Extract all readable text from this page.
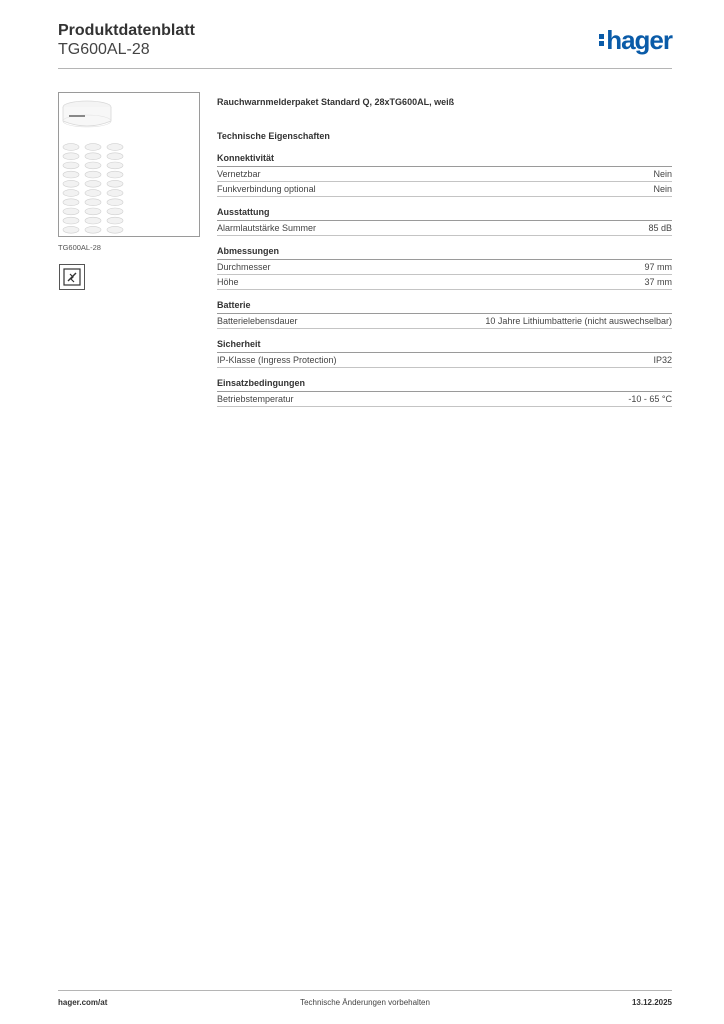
Produktdatenblatt
TG600AL-28	hager
TG600AL-28
Rauchwarnmelderpaket Standard Q, 28xTG600AL, weiß
Technische Eigenschaften
Konnektivität
Vernetzbar	Nein
Funkverbindung optional	Nein
Ausstattung
Alarmlautstärke Summer	85 dB
Abmessungen
Durchmesser	97 mm
Höhe	37 mm
Batterie
Batterielebensdauer	10 Jahre Lithiumbatterie (nicht auswechselbar)
Sicherheit
IP-Klasse (Ingress Protection)	IP32
Einsatzbedingungen
Betriebstemperatur	-10 - 65 °C
hager.com/at	Technische Änderungen vorbehalten	13.12.2025
